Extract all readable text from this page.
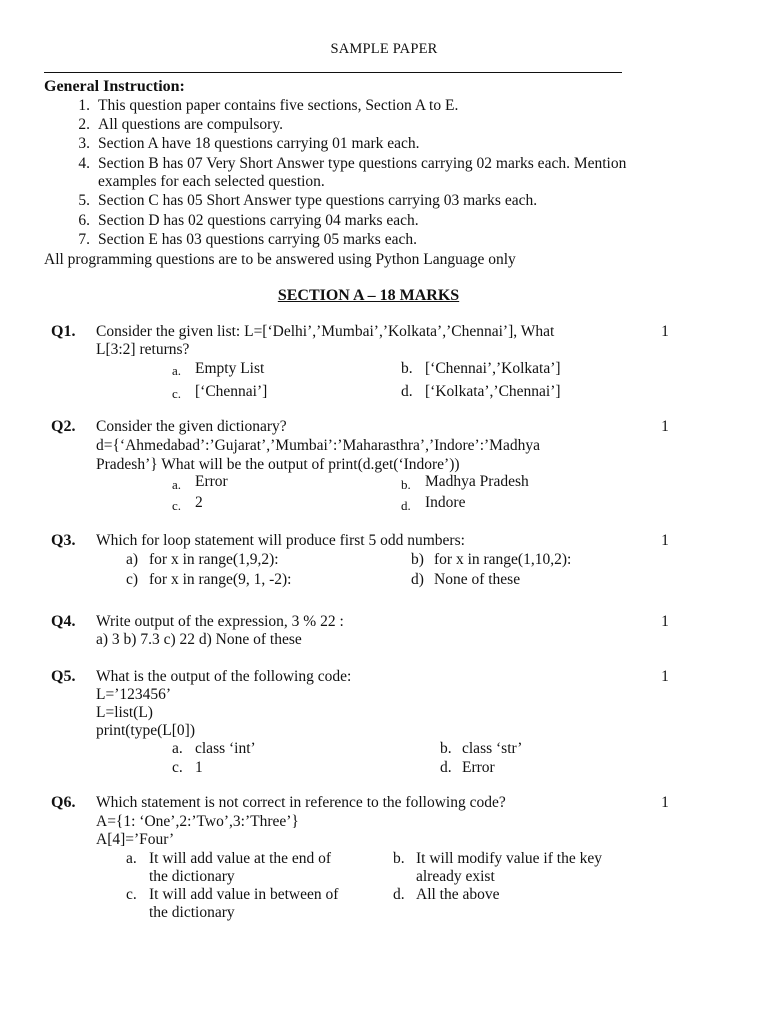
SAMPLE PAPER
General Instruction:
1. This question paper contains five sections, Section A to E.
2. All questions are compulsory.
3. Section A have 18 questions carrying 01 mark each.
4. Section B has 07 Very Short Answer type questions carrying 02 marks each. Mention
examples for each selected question.
5. Section C has 05 Short Answer type questions carrying 03 marks each.
6. Section D has 02 questions carrying 04 marks each.
7. Section E has 03 questions carrying 05 marks each.
All programming questions are to be answered using Python Language only
SECTION A – 18 MARKS
Q1. Consider the given list: L=[‘Delhi’,’Mumbai’,’Kolkata’,’Chennai’], What
L[3:2] returns?
1
a. Empty List	b. [‘Chennai’,’Kolkata’]
c. [‘Chennai’]	d. [‘Kolkata’,’Chennai’]
Q2. Consider the given dictionary?
d={‘Ahmedabad’:’Gujarat’,’Mumbai’:’Maharasthra’,’Indore’:’Madhya
Pradesh’} What will be the output of print(d.get(‘Indore’))
1
a. Error	b. Madhya Pradesh
c. 2	d. Indore
Q3. Which for loop statement will produce first 5 odd numbers:	1
a) for x in range(1,9,2):	b) for x in range(1,10,2):
c) for x in range(9, 1, -2):	d) None of these
Q4. Write output of the expression, 3 % 22 :
a) 3 b) 7.3 c) 22 d) None of these
1
Q5. What is the output of the following code:
L=’123456’
L=list(L)
print(type(L[0])
1
a. class ‘int’	b. class ‘str’
c. 1	d. Error
Q6. Which statement is not correct in reference to the following code?
A={1: ‘One’,2:’Two’,3:’Three’}
A[4]=’Four’
1
a. It will add value at the end of
the dictionary
b. It will modify value if the key
already exist
c. It will add value in between of
the dictionary
d. All the above
